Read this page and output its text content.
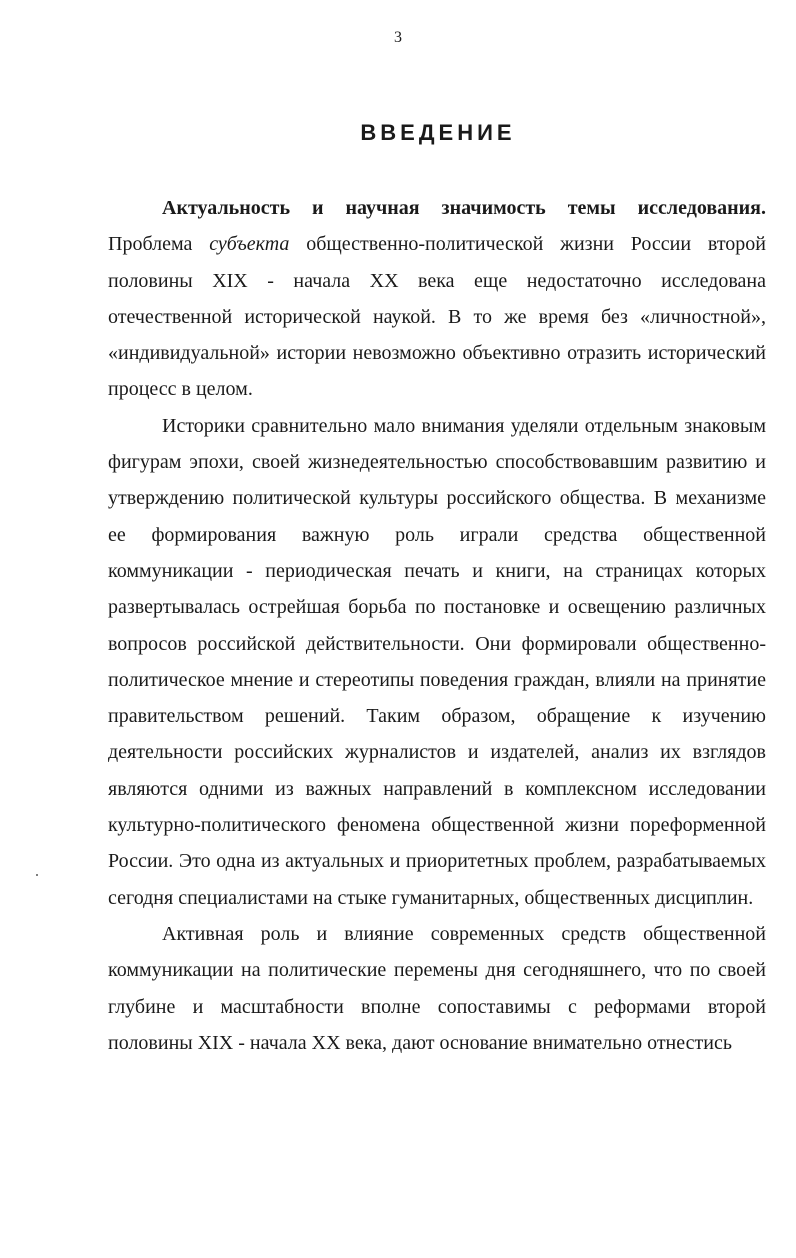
3
ВВЕДЕНИЕ

Актуальность и научная значимость темы исследования. Проблема субъекта общественно-политической жизни России второй половины XIX - начала XX века еще недостаточно исследована отечественной исторической наукой. В то же время без «личностной», «индивидуальной» истории невозможно объективно отразить исторический процесс в целом.

Историки сравнительно мало внимания уделяли отдельным знаковым фигурам эпохи, своей жизнедеятельностью способствовавшим развитию и утверждению политической культуры российского общества. В механизме ее формирования важную роль играли средства общественной коммуникации - периодическая печать и книги, на страницах которых развертывалась острейшая борьба по постановке и освещению различных вопросов российской действительности. Они формировали общественно-политическое мнение и стереотипы поведения граждан, влияли на принятие правительством решений. Таким образом, обращение к изучению деятельности российских журналистов и издателей, анализ их взглядов являются одними из важных направлений в комплексном исследовании культурно-политического феномена общественной жизни пореформенной России. Это одна из актуальных и приоритетных проблем, разрабатываемых сегодня специалистами на стыке гуманитарных, общественных дисциплин.

Активная роль и влияние современных средств общественной коммуникации на политические перемены дня сегодняшнего, что по своей глубине и масштабности вполне сопоставимы с реформами второй половины XIX - начала XX века, дают основание внимательно отнестись
